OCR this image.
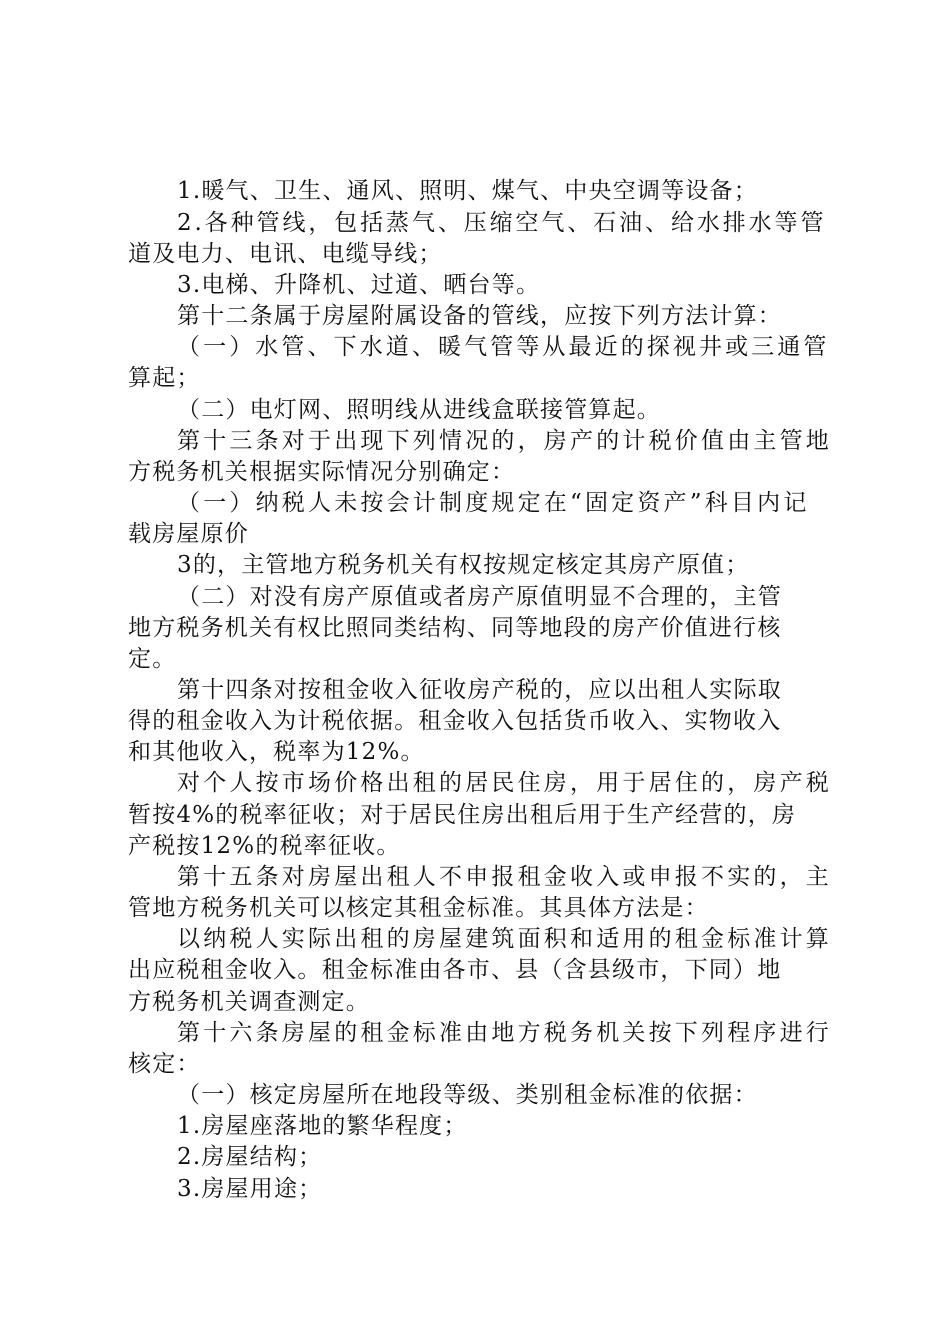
1.暖气、卫生、通风、照明、煤气、中央空调等设备；
2.各种管线，包括蒸气、压缩空气、石油、给水排水等管
道及电力、电讯、电缆导线；
3.电梯、升降机、过道、晒台等。
第十二条属于房屋附属设备的管线，应按下列方法计算：
（一）水管、下水道、暖气管等从最近的探视井或三通管
算起；
（二）电灯网、照明线从进线盒联接管算起。
第十三条对于出现下列情况的，房产的计税价值由主管地
方税务机关根据实际情况分别确定：
（一）纳税人未按会计制度规定在“固定资产”科目内记
载房屋原价
3的，主管地方税务机关有权按规定核定其房产原值；
（二）对没有房产原值或者房产原值明显不合理的，主管
地方税务机关有权比照同类结构、同等地段的房产价值进行核
定。
第十四条对按租金收入征收房产税的，应以出租人实际取
得的租金收入为计税依据。租金收入包括货币收入、实物收入
和其他收入，税率为12%。
对个人按市场价格出租的居民住房，用于居住的，房产税
暂按4%的税率征收；对于居民住房出租后用于生产经营的，房
产税按12%的税率征收。
第十五条对房屋出租人不申报租金收入或申报不实的，主
管地方税务机关可以核定其租金标准。其具体方法是：
以纳税人实际出租的房屋建筑面积和适用的租金标准计算
出应税租金收入。租金标准由各市、县（含县级市，下同）地
方税务机关调查测定。
第十六条房屋的租金标准由地方税务机关按下列程序进行
核定：
（一）核定房屋所在地段等级、类别租金标准的依据：
1.房屋座落地的繁华程度；
2.房屋结构；
3.房屋用途；
